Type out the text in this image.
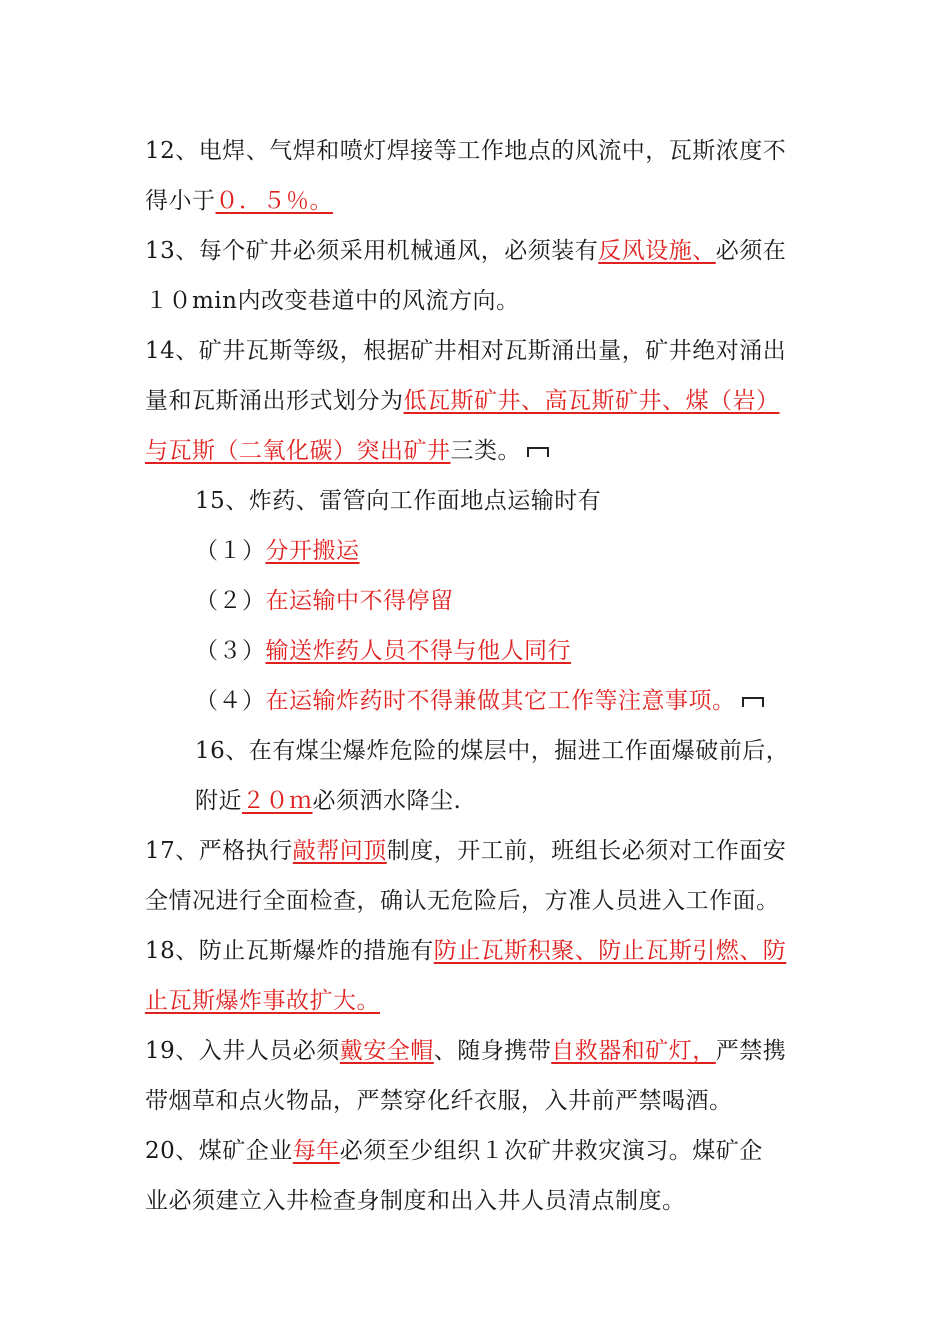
12、电焊、气焊和喷灯焊接等工作地点的风流中，瓦斯浓度不
得小于０．５％。
13、每个矿井必须采用机械通风，必须装有反风设施、必须在
１０min内改变巷道中的风流方向。
14、矿井瓦斯等级，根据矿井相对瓦斯涌出量，矿井绝对涌出
量和瓦斯涌出形式划分为低瓦斯矿井、高瓦斯矿井、煤（岩）
与瓦斯（二氧化碳）突出矿井三类。
15、炸药、雷管向工作面地点运输时有
（１）分开搬运
（２）在运输中不得停留
（３）输送炸药人员不得与他人同行
（４）在运输炸药时不得兼做其它工作等注意事项。
16、在有煤尘爆炸危险的煤层中，掘进工作面爆破前后，
附近２０ｍ必须洒水降尘.
17、严格执行敲帮问顶制度，开工前，班组长必须对工作面安
全情况进行全面检查，确认无危险后，方准人员进入工作面。
18、防止瓦斯爆炸的措施有防止瓦斯积聚、防止瓦斯引燃、防
止瓦斯爆炸事故扩大。
19、入井人员必须戴安全帽、随身携带自救器和矿灯，严禁携
带烟草和点火物品，严禁穿化纤衣服，入井前严禁喝酒。
20、煤矿企业每年必须至少组织１次矿井救灾演习。煤矿企
业必须建立入井检查身制度和出入井人员清点制度。
